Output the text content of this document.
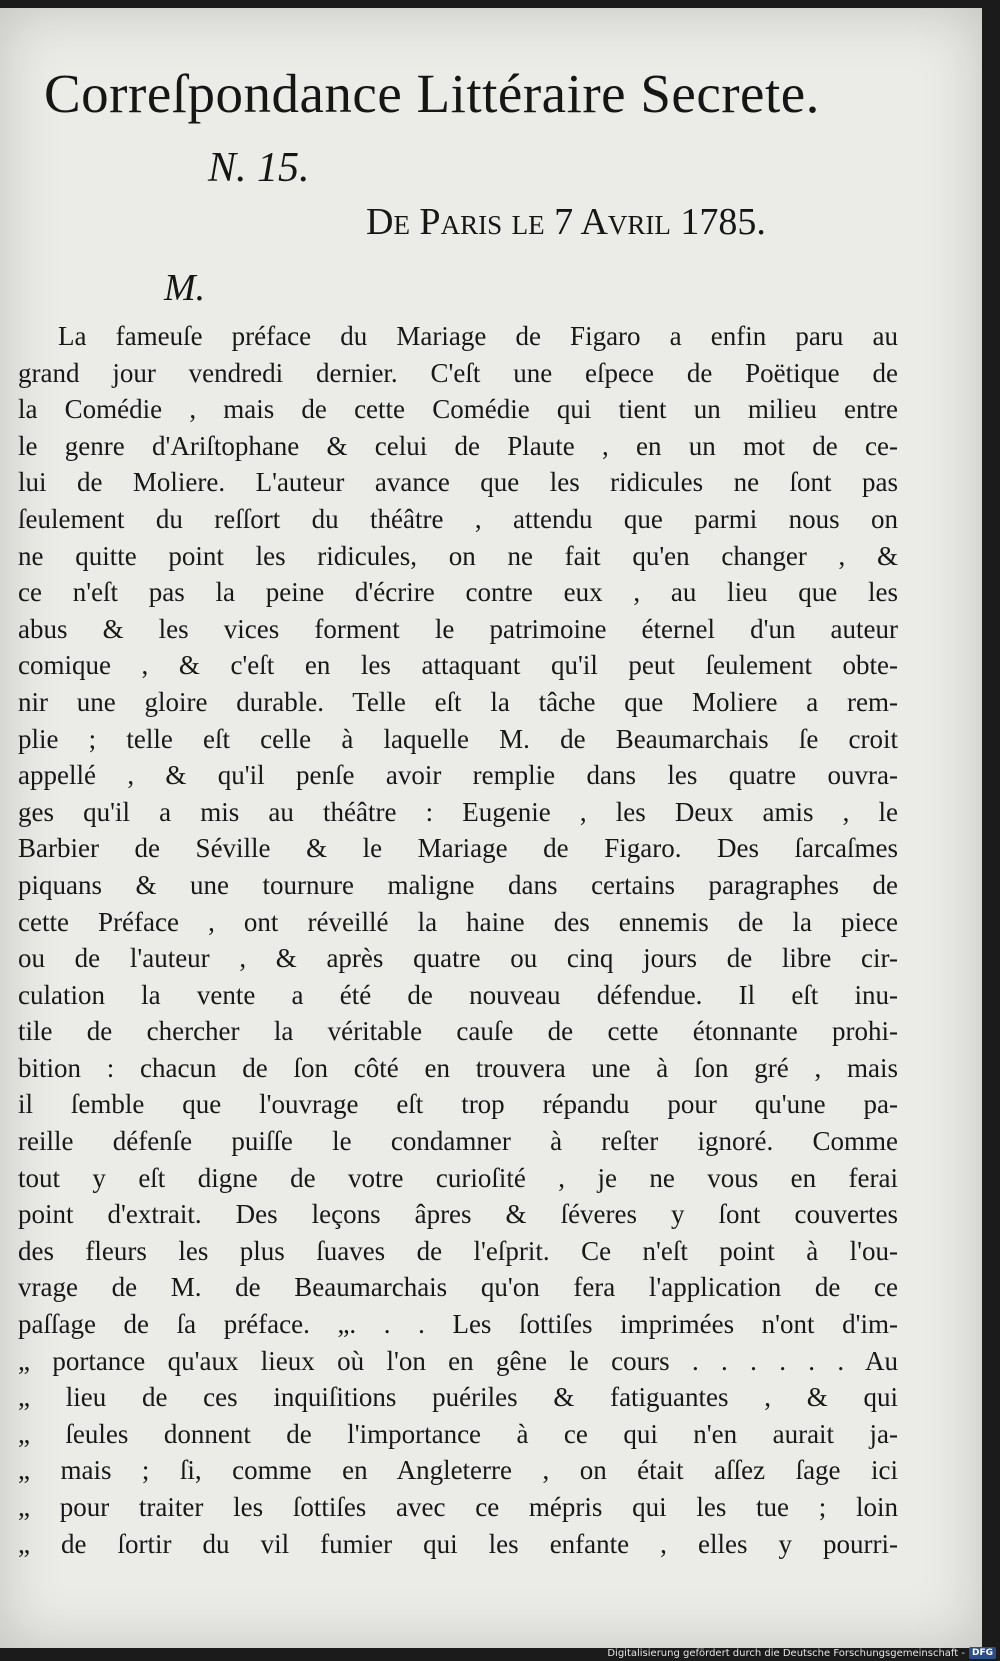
Correſpondance Littéraire Secrete.
N. 15.
De Paris le 7 Avril 1785.
M.
La fameuſe préface du Mariage de Figaro a enfin paru au
grand jour vendredi dernier. C'eſt une eſpece de Poëtique de
la Comédie , mais de cette Comédie qui tient un milieu entre
le genre d'Ariſtophane & celui de Plaute , en un mot de ce-
lui de Moliere. L'auteur avance que les ridicules ne ſont pas
ſeulement du reſſort du théâtre , attendu que parmi nous on
ne quitte point les ridicules, on ne fait qu'en changer , &
ce n'eſt pas la peine d'écrire contre eux , au lieu que les
abus & les vices forment le patrimoine éternel d'un auteur
comique , & c'eſt en les attaquant qu'il peut ſeulement obte-
nir une gloire durable. Telle eſt la tâche que Moliere a rem-
plie ; telle eſt celle à laquelle M. de Beaumarchais ſe croit
appellé , & qu'il penſe avoir remplie dans les quatre ouvra-
ges qu'il a mis au théâtre : Eugenie , les Deux amis , le
Barbier de Séville & le Mariage de Figaro. Des ſarcaſmes
piquans & une tournure maligne dans certains paragraphes de
cette Préface , ont réveillé la haine des ennemis de la piece
ou de l'auteur , & après quatre ou cinq jours de libre cir-
culation la vente a été de nouveau défendue. Il eſt inu-
tile de chercher la véritable cauſe de cette étonnante prohi-
bition : chacun de ſon côté en trouvera une à ſon gré , mais
il ſemble que l'ouvrage eſt trop répandu pour qu'une pa-
reille défenſe puiſſe le condamner à reſter ignoré. Comme
tout y eſt digne de votre curioſité , je ne vous en ferai
point d'extrait. Des leçons âpres & ſéveres y ſont couvertes
des fleurs les plus ſuaves de l'eſprit. Ce n'eſt point à l'ou-
vrage de M. de Beaumarchais qu'on fera l'application de ce
paſſage de ſa préface. „. . . Les ſottiſes imprimées n'ont d'im-
„ portance qu'aux lieux où l'on en gêne le cours . . . . . . Au
„ lieu de ces inquiſitions puériles & fatiguantes , & qui
„ ſeules donnent de l'importance à ce qui n'en aurait ja-
„ mais ; ſi, comme en Angleterre , on était aſſez ſage ici
„ pour traiter les ſottiſes avec ce mépris qui les tue ; loin
„ de ſortir du vil fumier qui les enfante , elles y pourri-
Digitalisierung gefördert durch die Deutsche Forschungsgemeinschaft - DFG
